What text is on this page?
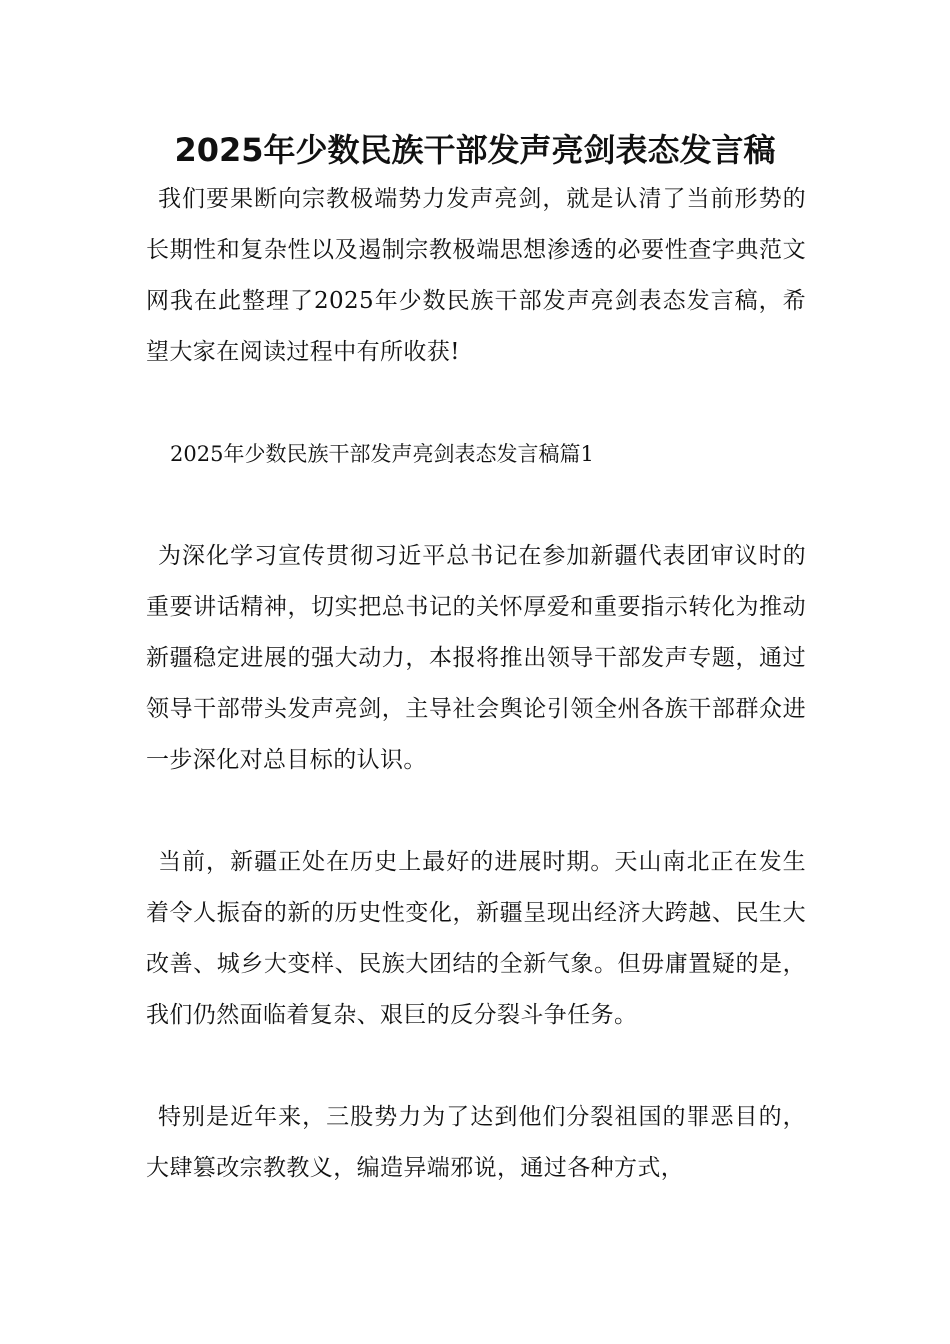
2025年少数民族干部发声亮剑表态发言稿

我们要果断向宗教极端势力发声亮剑，就是认清了当前形势的长期性和复杂性以及遏制宗教极端思想渗透的必要性查字典范文网我在此整理了2025年少数民族干部发声亮剑表态发言稿，希望大家在阅读过程中有所收获!

2025年少数民族干部发声亮剑表态发言稿篇1

为深化学习宣传贯彻习近平总书记在参加新疆代表团审议时的重要讲话精神，切实把总书记的关怀厚爱和重要指示转化为推动新疆稳定进展的强大动力，本报将推出领导干部发声专题，通过领导干部带头发声亮剑，主导社会舆论引领全州各族干部群众进一步深化对总目标的认识。

当前，新疆正处在历史上最好的进展时期。天山南北正在发生着令人振奋的新的历史性变化，新疆呈现出经济大跨越、民生大改善、城乡大变样、民族大团结的全新气象。但毋庸置疑的是，我们仍然面临着复杂、艰巨的反分裂斗争任务。

特别是近年来，三股势力为了达到他们分裂祖国的罪恶目的，大肆篡改宗教教义，编造异端邪说，通过各种方式，
